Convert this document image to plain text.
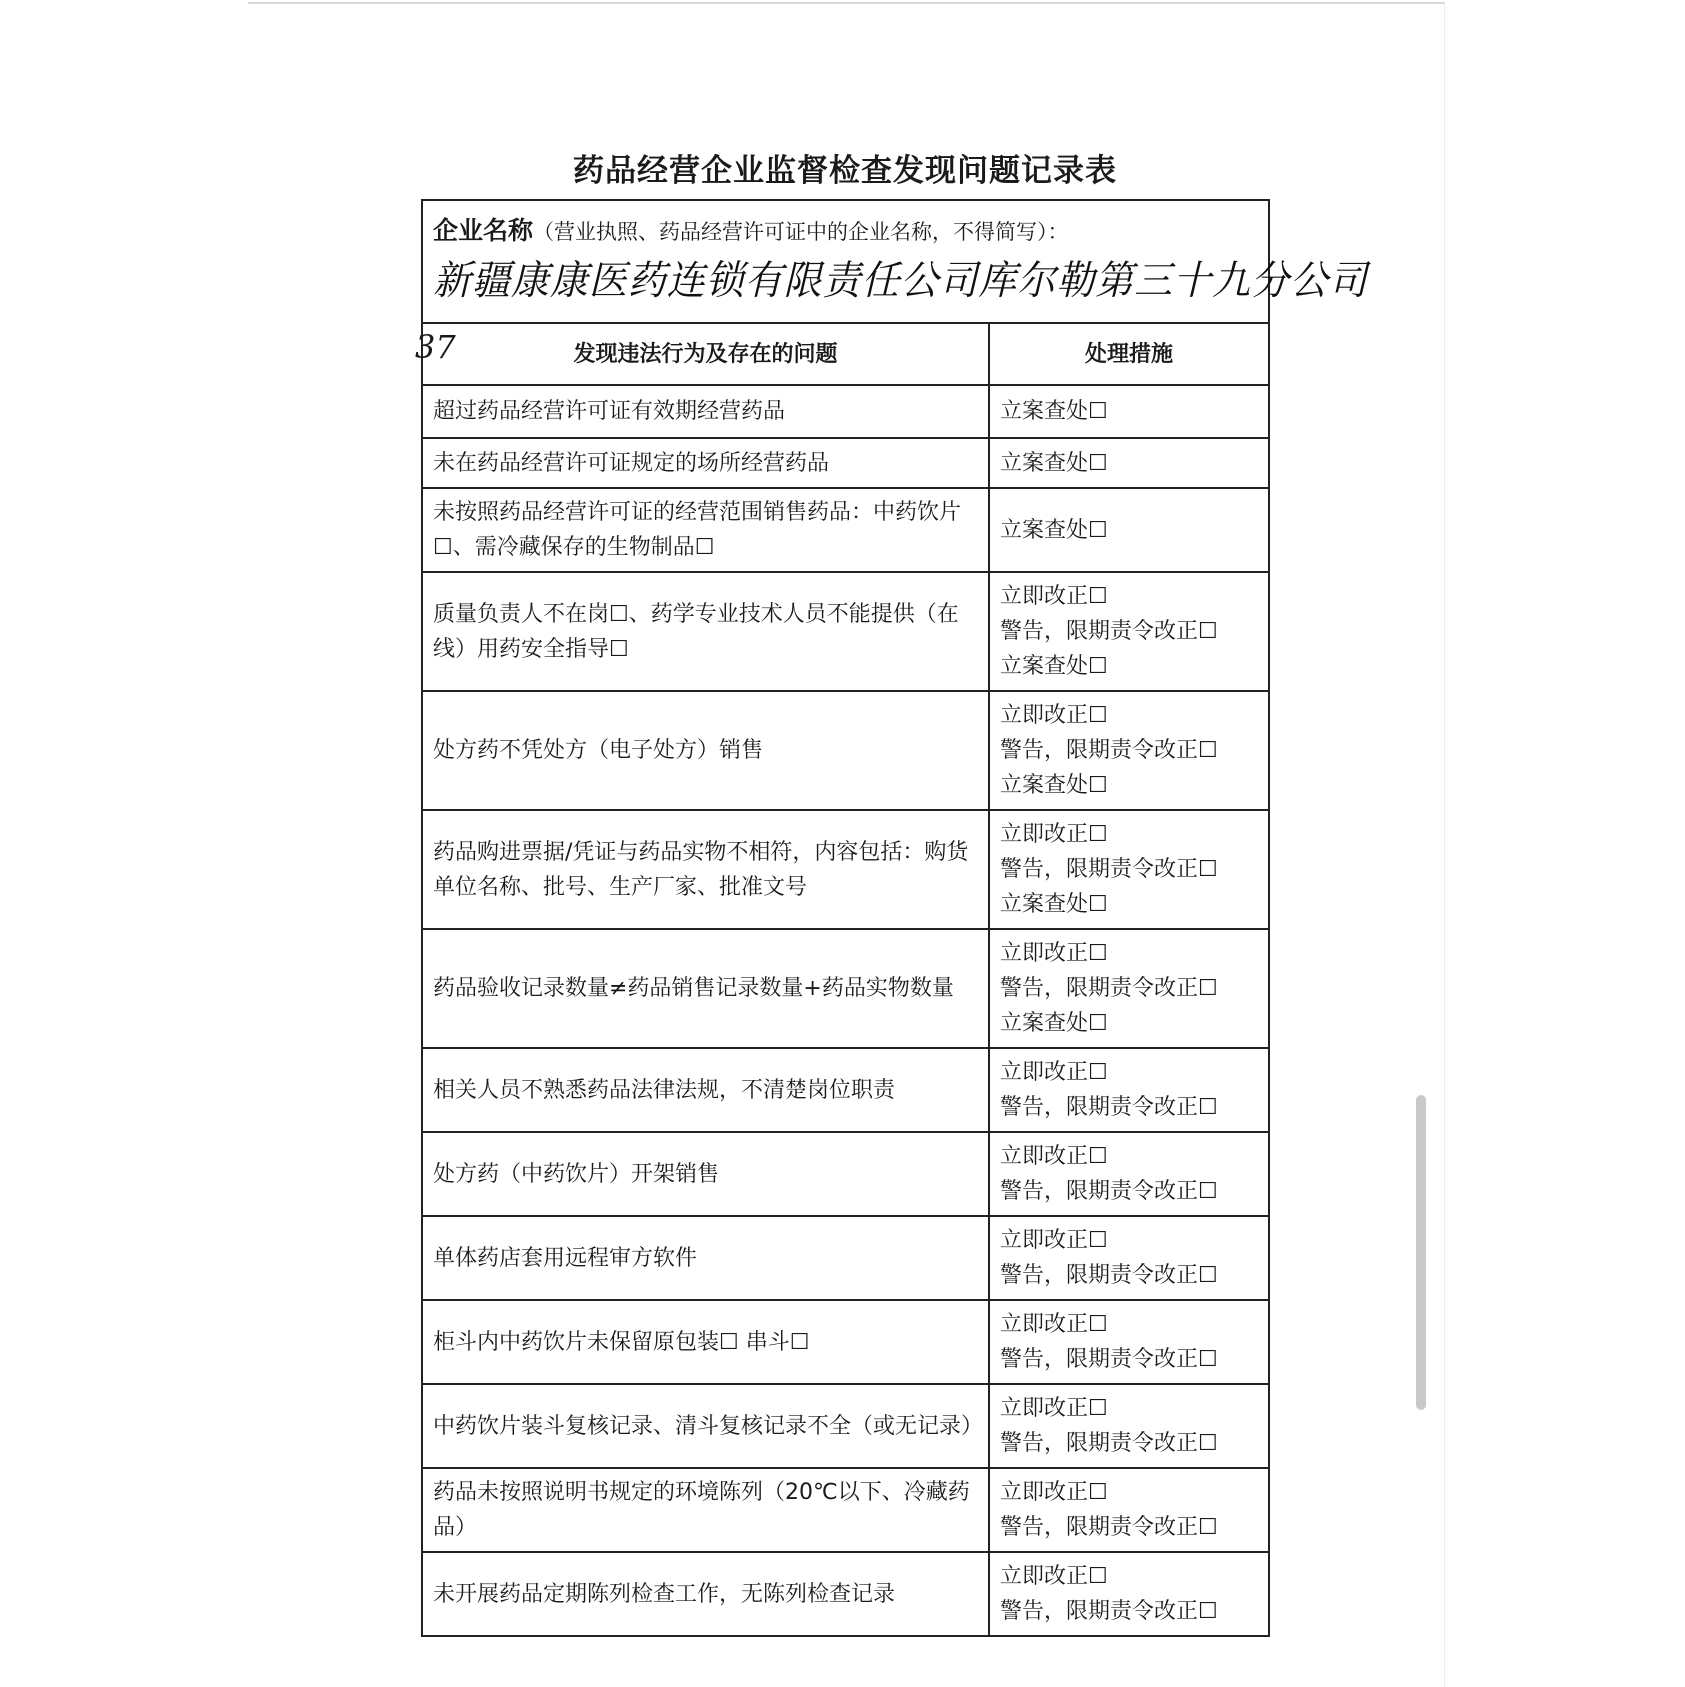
药品经营企业监督检查发现问题记录表
企业名称（营业执照、药品经营许可证中的企业名称，不得简写）：
新疆康康医药连锁有限责任公司库尔勒第三十九分公司	

37 发现违法行为及存在的问题	处理措施
超过药品经营许可证有效期经营药品	立案查处☐

未在药品经营许可证规定的场所经营药品	立案查处☐

未按照药品经营许可证的经营范围销售药品：中药饮片☐、需冷藏保存的生物制品☐	立案查处☐

质量负责人不在岗☐、药学专业技术人员不能提供（在线）用药安全指导☐	立即改正☐
警告，限期责令改正☐
立案查处☐

处方药不凭处方（电子处方）销售	立即改正☐
警告，限期责令改正☐
立案查处☐

药品购进票据/凭证与药品实物不相符，内容包括：购货单位名称、批号、生产厂家、批准文号	立即改正☐
警告，限期责令改正☐
立案查处☐

药品验收记录数量≠药品销售记录数量+药品实物数量	立即改正☐
警告，限期责令改正☐
立案查处☐

相关人员不熟悉药品法律法规，不清楚岗位职责	立即改正☐
警告，限期责令改正☐

处方药（中药饮片）开架销售	立即改正☐
警告，限期责令改正☐

单体药店套用远程审方软件	立即改正☐
警告，限期责令改正☐

柜斗内中药饮片未保留原包装☐ 串斗☐	立即改正☐
警告，限期责令改正☐

中药饮片装斗复核记录、清斗复核记录不全（或无记录）	立即改正☐
警告，限期责令改正☐

药品未按照说明书规定的环境陈列（20℃以下、冷藏药品）	立即改正☐
警告，限期责令改正☐

未开展药品定期陈列检查工作，无陈列检查记录	立即改正☐
警告，限期责令改正☐
